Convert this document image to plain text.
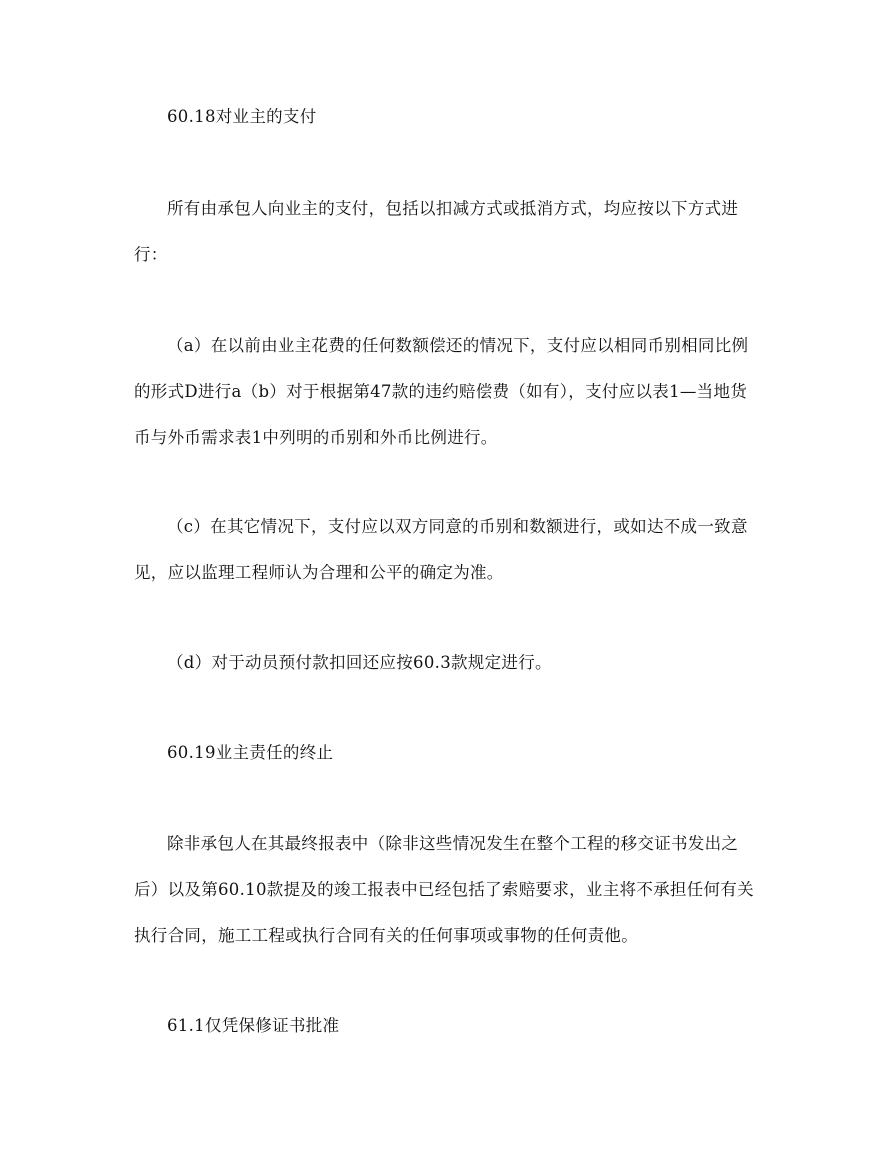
60.18对业主的支付
所有由承包人向业主的支付，包括以扣减方式或抵消方式，均应按以下方式进
行：
（a）在以前由业主花费的任何数额偿还的情况下，支付应以相同币别相同比例
的形式D进行a（b）对于根据第47款的违约赔偿费（如有），支付应以表1—当地货
币与外币需求表1中列明的币别和外币比例进行。
（c）在其它情况下，支付应以双方同意的币别和数额进行，或如达不成一致意
见，应以监理工程师认为合理和公平的确定为准。
（d）对于动员预付款扣回还应按60.3款规定进行。
60.19业主责任的终止
除非承包人在其最终报表中（除非这些情况发生在整个工程的移交证书发出之
后）以及第60.10款提及的竣工报表中已经包括了索赔要求，业主将不承担任何有关
执行合同，施工工程或执行合同有关的任何事项或事物的任何责他。
61.1仅凭保修证书批准
